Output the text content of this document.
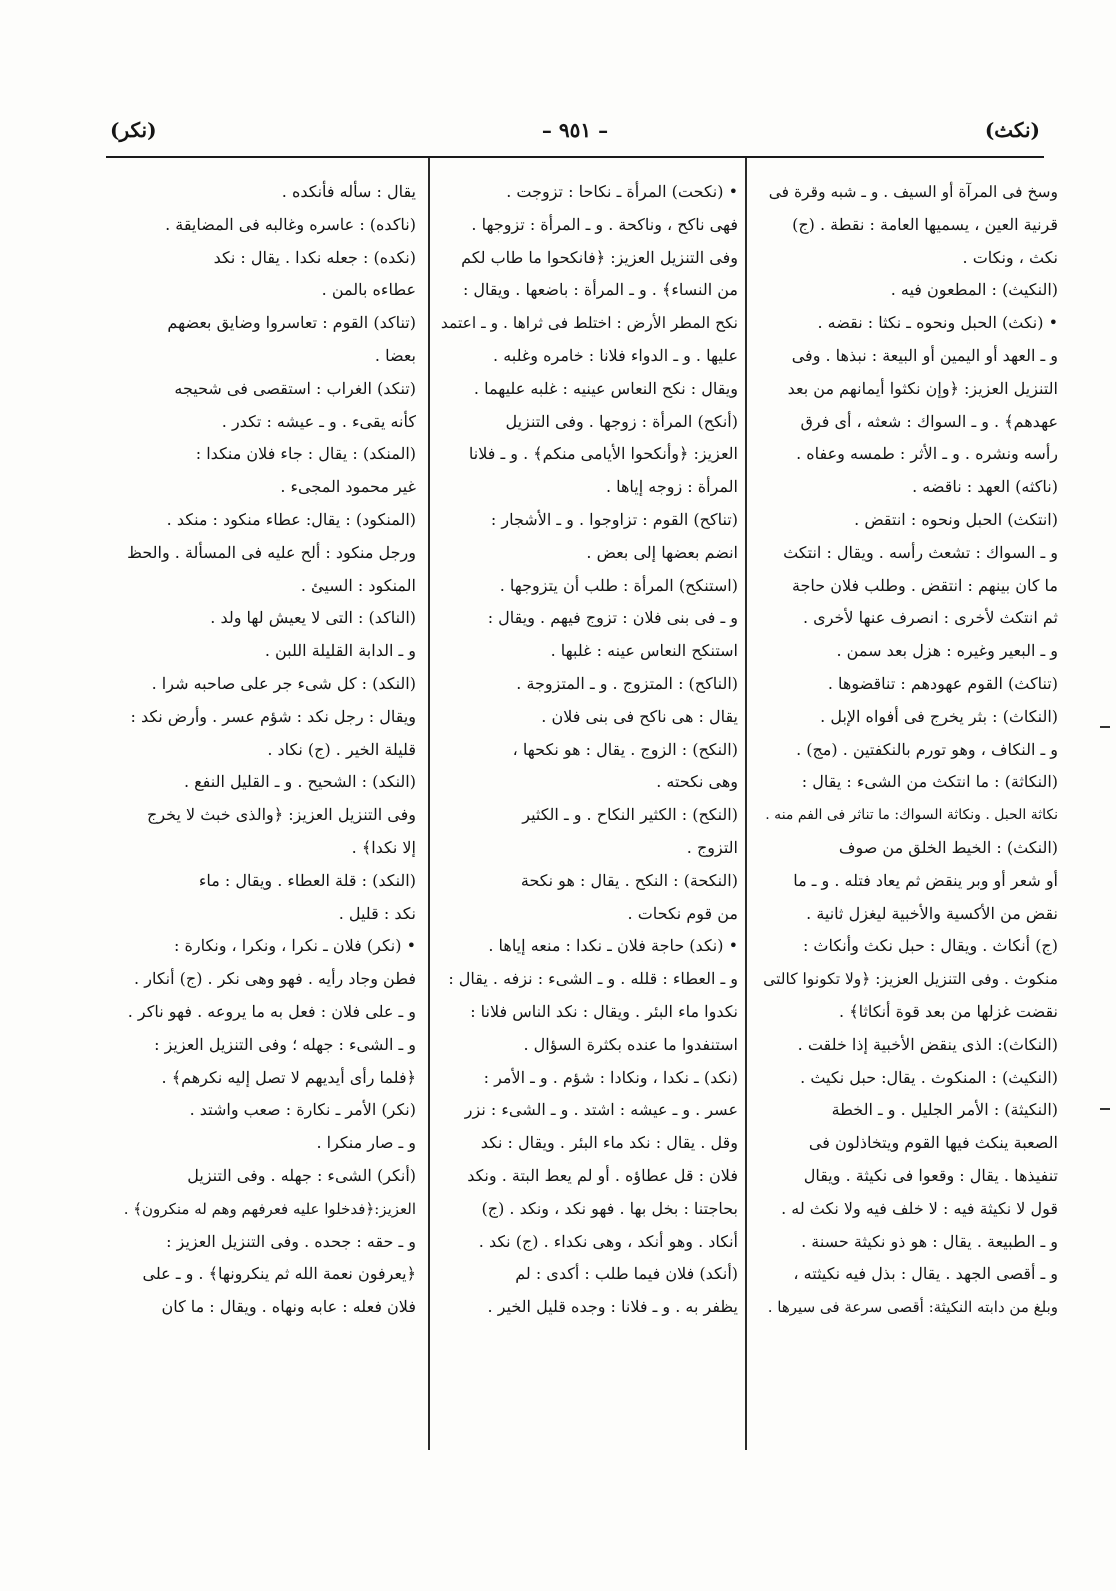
(نكث)
– ٩٥١ –
(نكر)
وسخ فى المرآة أو السيف . و ـ شبه وقرة فى
قرنية العين ، يسميها العامة : نقطة . (ج)
نكث ، ونكات .
(النكيث) : المطعون فيه .
• (نكث) الحبل ونحوه ـ نكثا : نقضه .
و ـ العهد أو اليمين أو البيعة : نبذها . وفى
التنزيل العزيز: ﴿وإن نكثوا أيمانهم من بعد
عهدهم﴾ . و ـ السواك : شعثه ، أى فرق
رأسه ونشره . و ـ الأثر : طمسه وعفاه .
(ناكثه) العهد : ناقضه .
(انتكث) الحبل ونحوه : انتقض .
و ـ السواك : تشعث رأسه . ويقال : انتكث
ما كان بينهم : انتقض . وطلب فلان حاجة
ثم انتكث لأخرى : انصرف عنها لأخرى .
و ـ البعير وغيره : هزل بعد سمن .
(تناكث) القوم عهودهم : تناقضوها .
(النكاث) : بثر يخرج فى أفواه الإبل .
و ـ النكاف ، وهو تورم بالنكفتين . (مج) .
(النكاثة) : ما انتكث من الشىء : يقال :
نكاثة الحبل . ونكاثة السواك: ما تناثر فى الفم منه .
(النكث) : الخيط الخلق من صوف
أو شعر أو وبر ينقض ثم يعاد فتله . و ـ ما
نقض من الأكسية والأخبية ليغزل ثانية .
(ج) أنكاث . ويقال : حبل نكث وأنكاث :
منكوث . وفى التنزيل العزيز: ﴿ولا تكونوا كالتى
نقضت غزلها من بعد قوة أنكاثا﴾ .
(النكاث): الذى ينقض الأخبية إذا خلقت .
(النكيث) : المنكوث . يقال: حبل نكيث .
(النكيثة) : الأمر الجليل . و ـ الخطة
الصعبة ينكث فيها القوم ويتخاذلون فى
تنفيذها . يقال : وقعوا فى نكيثة . ويقال
قول لا نكيثة فيه : لا خلف فيه ولا نكث له .
و ـ الطبيعة . يقال : هو ذو نكيثة حسنة .
و ـ أقصى الجهد . يقال : بذل فيه نكيثته ،
وبلغ من دابته النكيثة: أقصى سرعة فى سيرها .
• (نكحت) المرأة ـ نكاحا : تزوجت .
فهى ناكح ، وناكحة . و ـ المرأة : تزوجها .
وفى التنزيل العزيز: ﴿فانكحوا ما طاب لكم
من النساء﴾ . و ـ المرأة : باضعها . ويقال :
نكح المطر الأرض : اختلط فى ثراها . و ـ اعتمد
عليها . و ـ الدواء فلانا : خامره وغلبه .
ويقال : نكح النعاس عينيه : غلبه عليهما .
(أنكح) المرأة : زوجها . وفى التنزيل
العزيز: ﴿وأنكحوا الأيامى منكم﴾ . و ـ فلانا
المرأة : زوجه إياها .
(تناكح) القوم : تزاوجوا . و ـ الأشجار :
انضم بعضها إلى بعض .
(استنكح) المرأة : طلب أن يتزوجها .
و ـ فى بنى فلان : تزوج فيهم . ويقال :
استنكح النعاس عينه : غلبها .
(الناكح) : المتزوج . و ـ المتزوجة .
يقال : هى ناكح فى بنى فلان .
(النكح) : الزوج . يقال : هو نكحها ،
وهى نكحته .
(النكح) : الكثير النكاح . و ـ الكثير
التزوج .
(النكحة) : النكح . يقال : هو نكحة
من قوم نكحات .
• (نكد) حاجة فلان ـ نكدا : منعه إياها .
و ـ العطاء : قلله . و ـ الشىء : نزفه . يقال :
نكدوا ماء البئر . ويقال : نكد الناس فلانا :
استنفدوا ما عنده بكثرة السؤال .
(نكد) ـ نكدا ، ونكادا : شؤم . و ـ الأمر :
عسر . و ـ عيشه : اشتد . و ـ الشىء : نزر
وقل . يقال : نكد ماء البئر . ويقال : نكد
فلان : قل عطاؤه . أو لم يعط البتة . ونكد
بحاجتنا : بخل بها . فهو نكد ، ونكد . (ج)
أنكاد . وهو أنكد ، وهى نكداء . (ج) نكد .
(أنكد) فلان فيما طلب : أكدى : لم
يظفر به . و ـ فلانا : وجده قليل الخير .
يقال : سأله فأنكده .
(ناكده) : عاسره وغالبه فى المضايقة .
(نكده) : جعله نكدا . يقال : نكد
عطاءه بالمن .
(تناكد) القوم : تعاسروا وضايق بعضهم
بعضا .
(تنكد) الغراب : استقصى فى شحيجه
كأنه يقىء . و ـ عيشه : تكدر .
(المنكد) : يقال : جاء فلان منكدا :
غير محمود المجىء .
(المنكود) : يقال: عطاء منكود : منكد .
ورجل منكود : ألح عليه فى المسألة . والحظ
المنكود : السيئ .
(الناكد) : التى لا يعيش لها ولد .
و ـ الدابة القليلة اللبن .
(النكد) : كل شىء جر على صاحبه شرا .
ويقال : رجل نكد : شؤم عسر . وأرض نكد :
قليلة الخير . (ج) نكاد .
(النكد) : الشحيح . و ـ القليل النفع .
وفى التنزيل العزيز: ﴿والذى خبث لا يخرج
إلا نكدا﴾ .
(النكد) : قلة العطاء . ويقال : ماء
نكد : قليل .
• (نكر) فلان ـ نكرا ، ونكرا ، ونكارة :
فطن وجاد رأيه . فهو وهى نكر . (ج) أنكار .
و ـ على فلان : فعل به ما يروعه . فهو ناكر .
و ـ الشىء : جهله ؛ وفى التنزيل العزيز :
﴿فلما رأى أيديهم لا تصل إليه نكرهم﴾ .
(نكر) الأمر ـ نكارة : صعب واشتد .
و ـ صار منكرا .
(أنكر) الشىء : جهله . وفى التنزيل
العزيز:﴿فدخلوا عليه فعرفهم وهم له منكرون﴾ .
و ـ حقه : جحده . وفى التنزيل العزيز :
﴿يعرفون نعمة الله ثم ينكرونها﴾ . و ـ على
فلان فعله : عابه ونهاه . ويقال : ما كان
